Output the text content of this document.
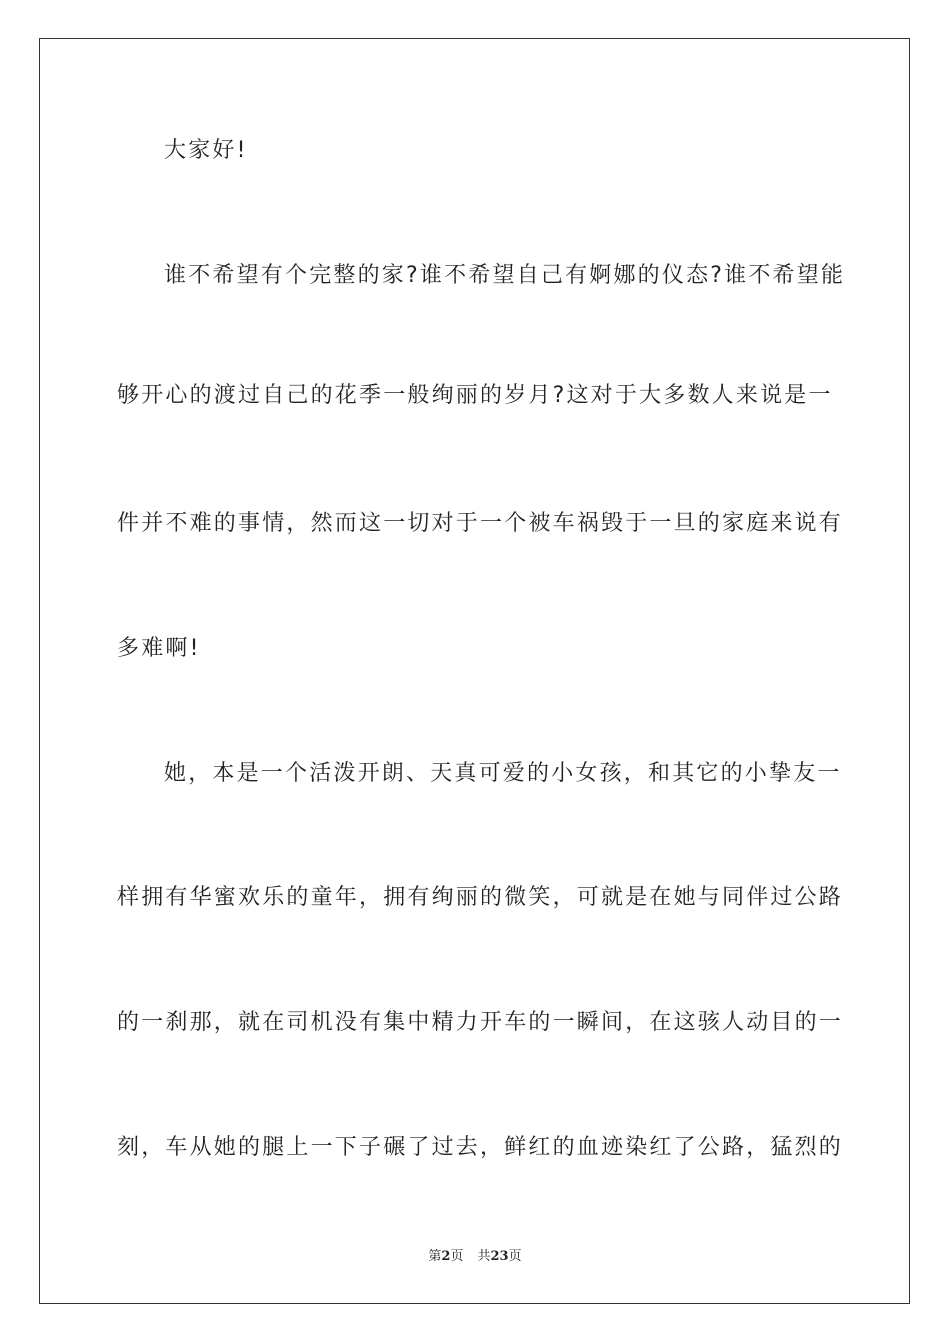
大家好!
谁不希望有个完整的家?谁不希望自己有婀娜的仪态?谁不希望能
够开心的渡过自己的花季一般绚丽的岁月?这对于大多数人来说是一
件并不难的事情，然而这一切对于一个被车祸毁于一旦的家庭来说有
多难啊!
她，本是一个活泼开朗、天真可爱的小女孩，和其它的小挚友一
样拥有华蜜欢乐的童年，拥有绚丽的微笑，可就是在她与同伴过公路
的一刹那，就在司机没有集中精力开车的一瞬间，在这骇人动目的一
刻，车从她的腿上一下子碾了过去，鲜红的血迹染红了公路，猛烈的
第2页 共23页
